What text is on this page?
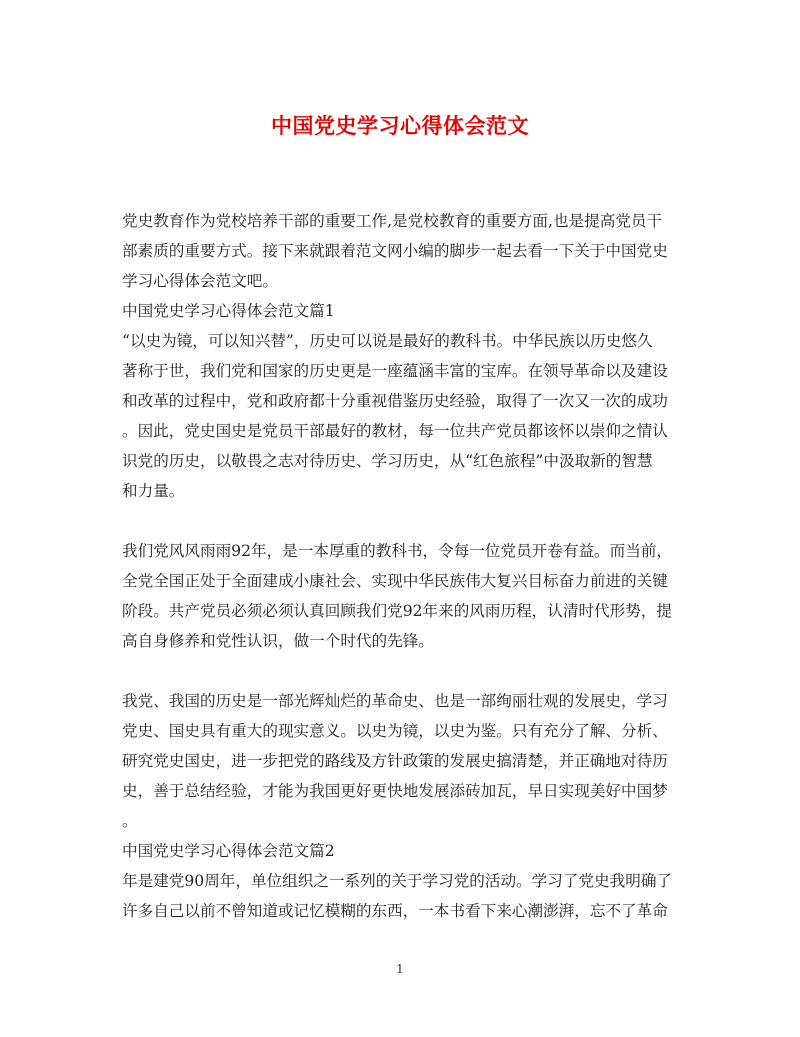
中国党史学习心得体会范文
党史教育作为党校培养干部的重要工作,是党校教育的重要方面,也是提高党员干
部素质的重要方式。接下来就跟着范文网小编的脚步一起去看一下关于中国党史
学习心得体会范文吧。
中国党史学习心得体会范文篇1
“以史为镜，可以知兴替”，历史可以说是最好的教科书。中华民族以历史悠久
著称于世，我们党和国家的历史更是一座蕴涵丰富的宝库。在领导革命以及建设
和改革的过程中，党和政府都十分重视借鉴历史经验，取得了一次又一次的成功
。因此，党史国史是党员干部最好的教材，每一位共产党员都该怀以崇仰之情认
识党的历史，以敬畏之志对待历史、学习历史，从“红色旅程”中汲取新的智慧
和力量。
我们党风风雨雨92年，是一本厚重的教科书，令每一位党员开卷有益。而当前，
全党全国正处于全面建成小康社会、实现中华民族伟大复兴目标奋力前进的关键
阶段。共产党员必须必须认真回顾我们党92年来的风雨历程，认清时代形势，提
高自身修养和党性认识，做一个时代的先锋。
我党、我国的历史是一部光辉灿烂的革命史、也是一部绚丽壮观的发展史，学习
党史、国史具有重大的现实意义。以史为镜，以史为鉴。只有充分了解、分析、
研究党史国史，进一步把党的路线及方针政策的发展史搞清楚，并正确地对待历
史，善于总结经验，才能为我国更好更快地发展添砖加瓦，早日实现美好中国梦
。
中国党史学习心得体会范文篇2
年是建党90周年，单位组织之一系列的关于学习党的活动。学习了党史我明确了
许多自己以前不曾知道或记忆模糊的东西，一本书看下来心潮澎湃，忘不了革命
1
